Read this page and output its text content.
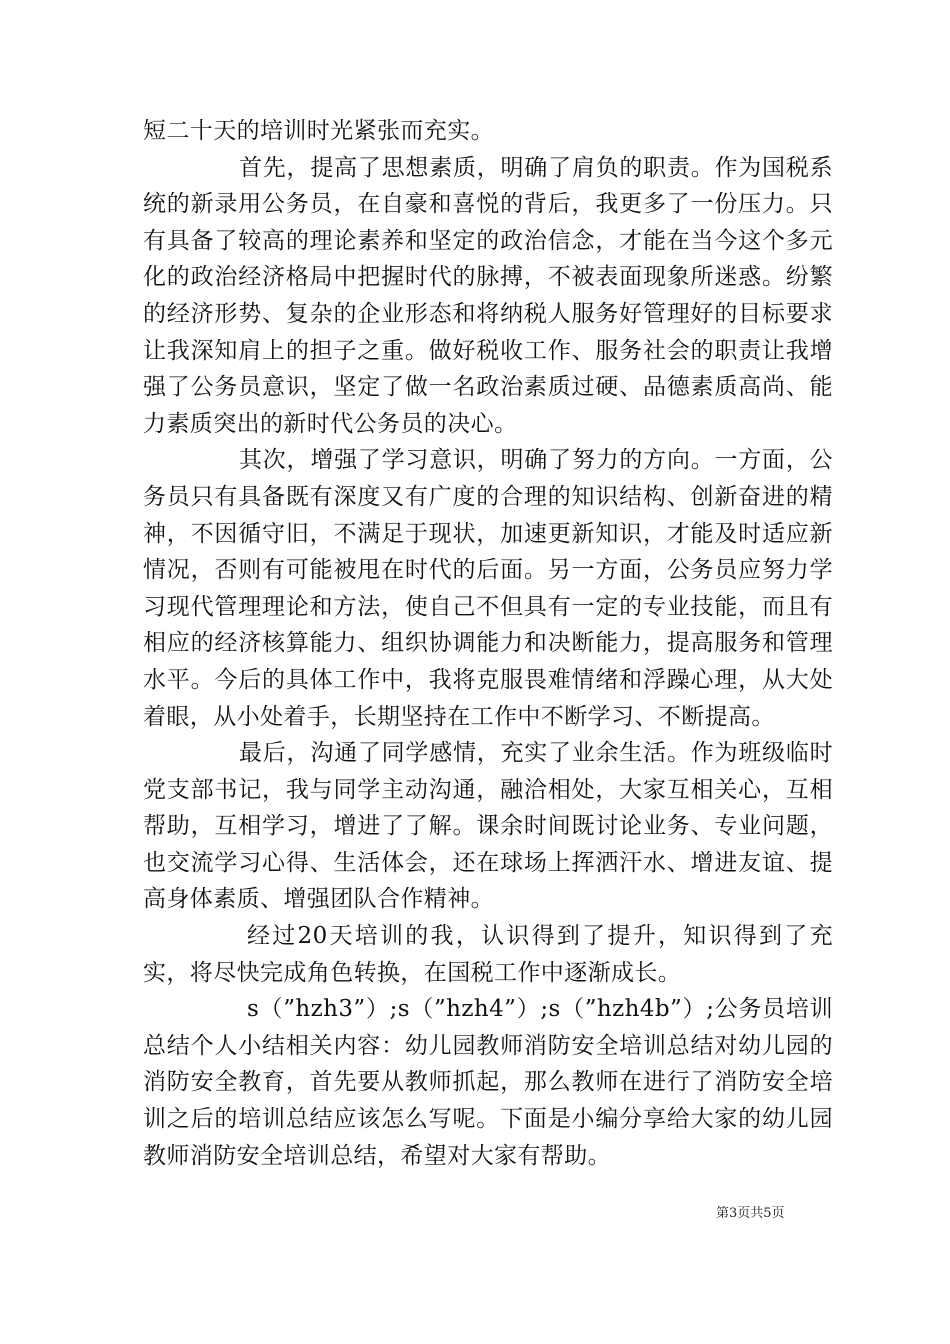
短二十天的培训时光紧张而充实。

首先，提高了思想素质，明确了肩负的职责。作为国税系统的新录用公务员，在自豪和喜悦的背后，我更多了一份压力。只有具备了较高的理论素养和坚定的政治信念，才能在当今这个多元化的政治经济格局中把握时代的脉搏，不被表面现象所迷惑。纷繁的经济形势、复杂的企业形态和将纳税人服务好管理好的目标要求让我深知肩上的担子之重。做好税收工作、服务社会的职责让我增强了公务员意识，坚定了做一名政治素质过硬、品德素质高尚、能力素质突出的新时代公务员的决心。

其次，增强了学习意识，明确了努力的方向。一方面，公务员只有具备既有深度又有广度的合理的知识结构、创新奋进的精神，不因循守旧，不满足于现状，加速更新知识，才能及时适应新情况，否则有可能被甩在时代的后面。另一方面，公务员应努力学习现代管理理论和方法，使自己不但具有一定的专业技能，而且有相应的经济核算能力、组织协调能力和决断能力，提高服务和管理水平。今后的具体工作中，我将克服畏难情绪和浮躁心理，从大处着眼，从小处着手，长期坚持在工作中不断学习、不断提高。

最后，沟通了同学感情，充实了业余生活。作为班级临时党支部书记，我与同学主动沟通，融洽相处，大家互相关心，互相帮助，互相学习，增进了了解。课余时间既讨论业务、专业问题，也交流学习心得、生活体会，还在球场上挥洒汗水、增进友谊、提高身体素质、增强团队合作精神。

经过20天培训的我，认识得到了提升，知识得到了充实，将尽快完成角色转换，在国税工作中逐渐成长。

s（”hzh3”）;s（”hzh4”）;s（”hzh4b”）;公务员培训总结个人小结相关内容：幼儿园教师消防安全培训总结对幼儿园的消防安全教育，首先要从教师抓起，那么教师在进行了消防安全培训之后的培训总结应该怎么写呢。下面是小编分享给大家的幼儿园教师消防安全培训总结，希望对大家有帮助。

第3页共5页
